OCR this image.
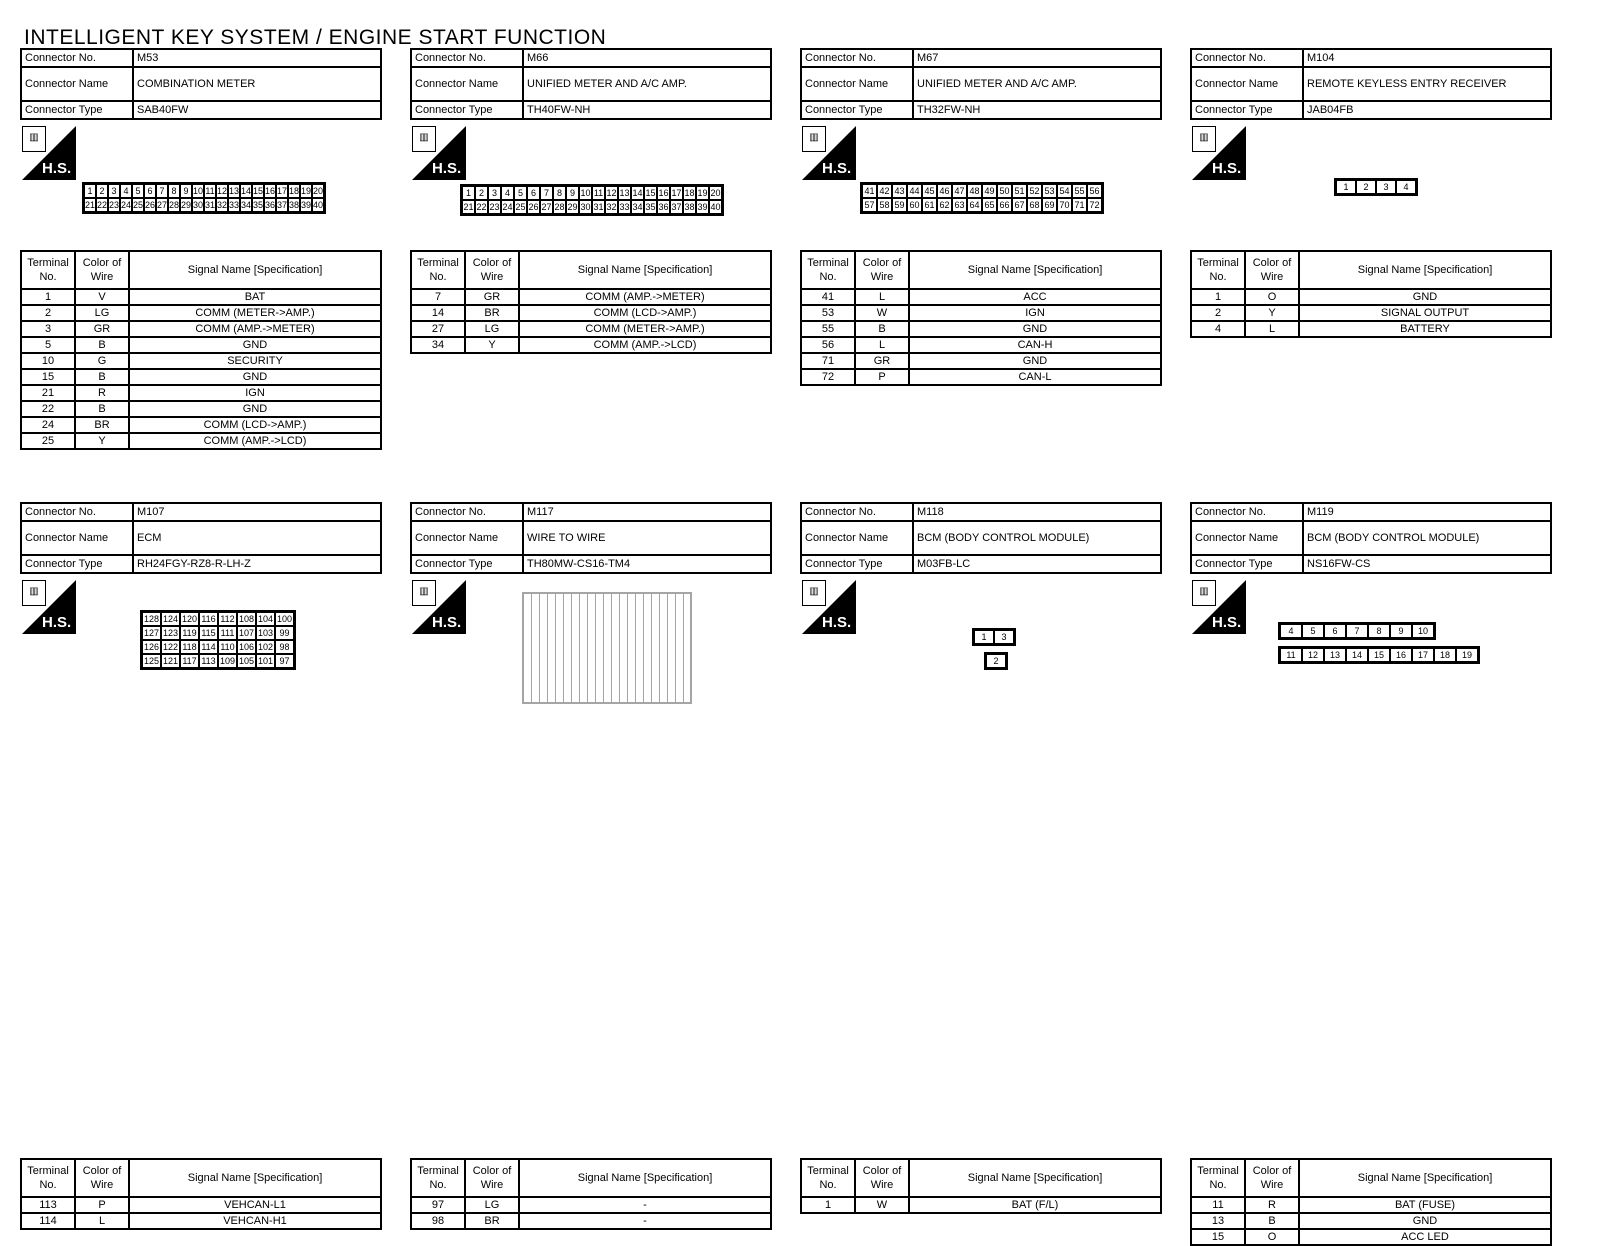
INTELLIGENT KEY SYSTEM / ENGINE START FUNCTION
Connector No.	M53
Connector Name	COMBINATION METER
Connector Type	SAB40FW
▥
H.S.
Terminal No.	Color of Wire	Signal Name [Specification]
1	V	BAT
2	LG	COMM (METER->AMP.)
3	GR	COMM (AMP.->METER)
5	B	GND
10	G	SECURITY
15	B	GND
21	R	IGN
22	B	GND
24	BR	COMM (LCD->AMP.)
25	Y	COMM (AMP.->LCD)
Connector No.	M66
Connector Name	UNIFIED METER AND A/C AMP.
Connector Type	TH40FW-NH
▥
H.S.
Terminal No.	Color of Wire	Signal Name [Specification]
7	GR	COMM (AMP.->METER)
14	BR	COMM (LCD->AMP.)
27	LG	COMM (METER->AMP.)
34	Y	COMM (AMP.->LCD)
Connector No.	M67
Connector Name	UNIFIED METER AND A/C AMP.
Connector Type	TH32FW-NH
▥
H.S.
Terminal No.	Color of Wire	Signal Name [Specification]
41	L	ACC
53	W	IGN
55	B	GND
56	L	CAN-H
71	GR	GND
72	P	CAN-L
Connector No.	M104
Connector Name	REMOTE KEYLESS ENTRY RECEIVER
Connector Type	JAB04FB
▥
H.S.
Terminal No.	Color of Wire	Signal Name [Specification]
1	O	GND
2	Y	SIGNAL OUTPUT
4	L	BATTERY
Connector No.	M107
Connector Name	ECM
Connector Type	RH24FGY-RZ8-R-LH-Z
▥
H.S.
Terminal No.	Color of Wire	Signal Name [Specification]
113	P	VEHCAN-L1
114	L	VEHCAN-H1
Connector No.	M117
Connector Name	WIRE TO WIRE
Connector Type	TH80MW-CS16-TM4
▥
H.S.
Terminal No.	Color of Wire	Signal Name [Specification]
97	LG	-
98	BR	-
Connector No.	M118
Connector Name	BCM (BODY CONTROL MODULE)
Connector Type	M03FB-LC
▥
H.S.
Terminal No.	Color of Wire	Signal Name [Specification]
1	W	BAT (F/L)
Connector No.	M119
Connector Name	BCM (BODY CONTROL MODULE)
Connector Type	NS16FW-CS
▥
H.S.
Terminal No.	Color of Wire	Signal Name [Specification]
11	R	BAT (FUSE)
13	B	GND
15	O	ACC LED
1 2 3 4 5 6 7 8 9 10 11 12 13 14 15 16 17 18 19 20
21 22 23 24 25 26 27 28 29 30 31 32 33 34 35 36 37 38 39 40
1 2 3 4 5 6 7 8 9 10 11 12 13 14 15 16 17 18 19 20
21 22 23 24 25 26 27 28 29 30 31 32 33 34 35 36 37 38 39 40
41 42 43 44 45 46 47 48 49 50 51 52 53 54 55 56
57 58 59 60 61 62 63 64 65 66 67 68 69 70 71 72
1	2	3	4
128 124 120 116 112 108 104 100
127 123 119 115 111 107 103 99
126 122 118 114 110 106 102 98
125 121 117 113 109 105 101 97
1	3
2
4	5	6	7	8	9	10
11	12	13	14	15	16	17	18	19
